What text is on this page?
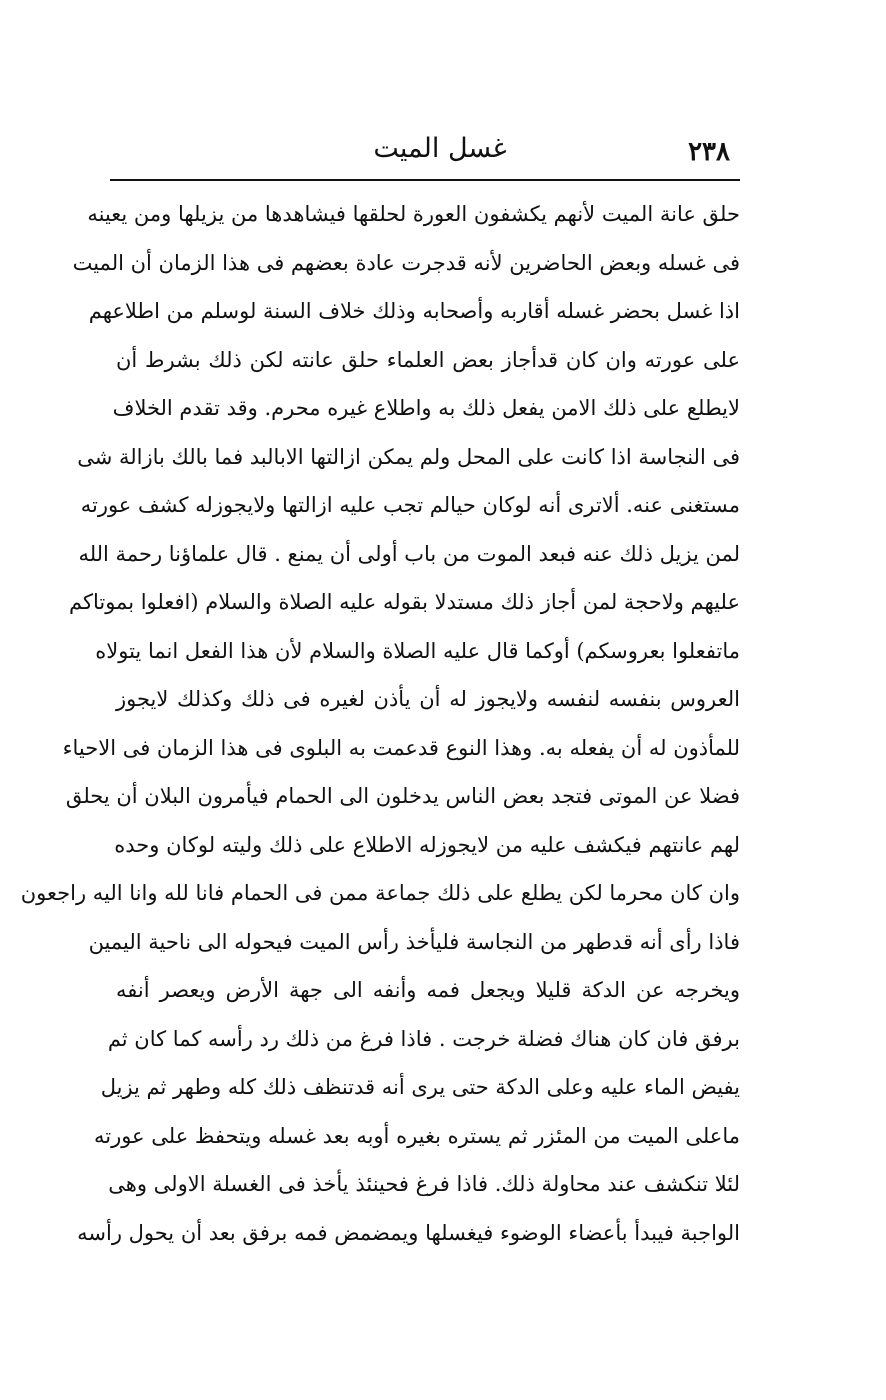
٢٣٨
غسل الميت
حلق عانة الميت لأنهم يكشفون العورة لحلقها فيشاهدها من يزيلها ومن يعينه
فى غسله وبعض الحاضرين لأنه قدجرت عادة بعضهم فى هذا الزمان أن الميت
اذا غسل بحضر غسله أقاربه وأصحابه وذلك خلاف السنة لوسلم من اطلاعهم
على عورته وان كان قدأجاز بعض العلماء حلق عانته لكن ذلك بشرط أن
لايطلع على ذلك الامن يفعل ذلك به واطلاع غيره محرم. وقد تقدم الخلاف
فى النجاسة اذا كانت على المحل ولم يمكن ازالتها الابالبد فما بالك بازالة شى
مستغنى عنه. ألاترى أنه لوكان حيالم تجب عليه ازالتها ولايجوزله كشف عورته
لمن يزيل ذلك عنه فبعد الموت من باب أولى أن يمنع . قال علماؤنا رحمة الله
عليهم ولاحجة لمن أجاز ذلك مستدلا بقوله عليه الصلاة والسلام (افعلوا بموتاكم
ماتفعلوا بعروسكم) أوكما قال عليه الصلاة والسلام لأن هذا الفعل انما يتولاه
العروس بنفسه لنفسه ولايجوز له أن يأذن لغيره فى ذلك وكذلك لايجوز
للمأذون له أن يفعله به. وهذا النوع قدعمت به البلوى فى هذا الزمان فى الاحياء
فضلا عن الموتى فتجد بعض الناس يدخلون الى الحمام فيأمرون البلان أن يحلق
لهم عانتهم فيكشف عليه من لايجوزله الاطلاع على ذلك وليته لوكان وحده
وان كان محرما لكن يطلع على ذلك جماعة ممن فى الحمام فانا لله وانا اليه راجعون
فاذا رأى أنه قدطهر من النجاسة فليأخذ رأس الميت فيحوله الى ناحية اليمين
ويخرجه عن الدكة قليلا ويجعل فمه وأنفه الى جهة الأرض ويعصر أنفه
برفق فان كان هناك فضلة خرجت . فاذا فرغ من ذلك رد رأسه كما كان ثم
يفيض الماء عليه وعلى الدكة حتى يرى أنه قدتنظف ذلك كله وطهر ثم يزيل
ماعلى الميت من المئزر ثم يستره بغيره أوبه بعد غسله ويتحفظ على عورته
لئلا تنكشف عند محاولة ذلك. فاذا فرغ فحينئذ يأخذ فى الغسلة الاولى وهى
الواجبة فيبدأ بأعضاء الوضوء فيغسلها ويمضمض فمه برفق بعد أن يحول رأسه
